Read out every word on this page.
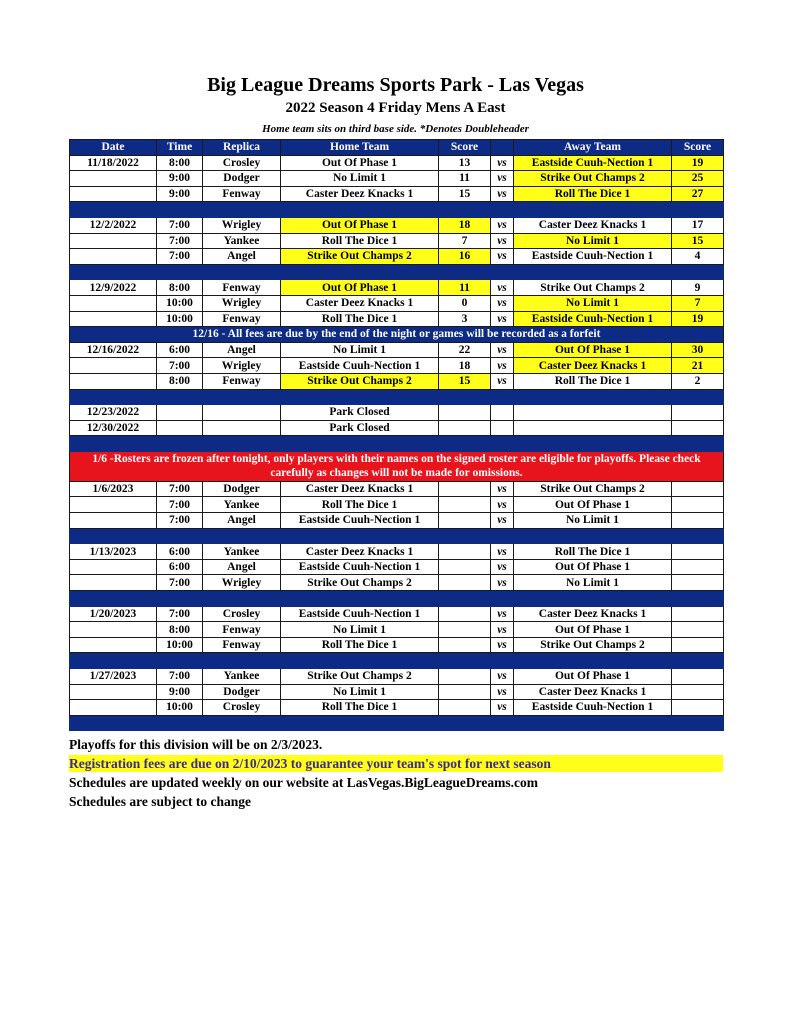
Big League Dreams Sports Park - Las Vegas
2022 Season 4 Friday Mens A East
Home team sits on third base side. *Denotes Doubleheader
Date	Time	Replica	Home Team	Score		Away Team	Score
11/18/2022	8:00	Crosley	Out Of Phase 1	13	vs	Eastside Cuuh-Nection 1	19
	9:00	Dodger	No Limit 1	11	vs	Strike Out Champs 2	25
	9:00	Fenway	Caster Deez Knacks 1	15	vs	Roll The Dice 1	27

12/2/2022	7:00	Wrigley	Out Of Phase 1	18	vs	Caster Deez Knacks 1	17
	7:00	Yankee	Roll The Dice 1	7	vs	No Limit 1	15
	7:00	Angel	Strike Out Champs 2	16	vs	Eastside Cuuh-Nection 1	4

12/9/2022	8:00	Fenway	Out Of Phase 1	11	vs	Strike Out Champs 2	9
	10:00	Wrigley	Caster Deez Knacks 1	0	vs	No Limit 1	7
	10:00	Fenway	Roll The Dice 1	3	vs	Eastside Cuuh-Nection 1	19
12/16 - All fees are due by the end of the night or games will be recorded as a forfeit							
12/16/2022	6:00	Angel	No Limit 1	22	vs	Out Of Phase 1	30
	7:00	Wrigley	Eastside Cuuh-Nection 1	18	vs	Caster Deez Knacks 1	21
	8:00	Fenway	Strike Out Champs 2	15	vs	Roll The Dice 1	2

12/23/2022			Park Closed				
12/30/2022			Park Closed				

1/6 -Rosters are frozen after tonight, only players with their names on the signed roster are eligible for playoffs. Please check carefully as changes will not be made for omissions.							
1/6/2023	7:00	Dodger	Caster Deez Knacks 1		vs	Strike Out Champs 2	
	7:00	Yankee	Roll The Dice 1		vs	Out Of Phase 1	
	7:00	Angel	Eastside Cuuh-Nection 1		vs	No Limit 1	

1/13/2023	6:00	Yankee	Caster Deez Knacks 1		vs	Roll The Dice 1	
	6:00	Angel	Eastside Cuuh-Nection 1		vs	Out Of Phase 1	
	7:00	Wrigley	Strike Out Champs 2		vs	No Limit 1	

1/20/2023	7:00	Crosley	Eastside Cuuh-Nection 1		vs	Caster Deez Knacks 1	
	8:00	Fenway	No Limit 1		vs	Out Of Phase 1	
	10:00	Fenway	Roll The Dice 1		vs	Strike Out Champs 2	

1/27/2023	7:00	Yankee	Strike Out Champs 2		vs	Out Of Phase 1	
	9:00	Dodger	No Limit 1		vs	Caster Deez Knacks 1	
	10:00	Crosley	Roll The Dice 1		vs	Eastside Cuuh-Nection 1	

Playoffs for this division will be on 2/3/2023.
Registration fees are due on 2/10/2023 to guarantee your team's spot for next season
Schedules are updated weekly on our website at LasVegas.BigLeagueDreams.com
Schedules are subject to change
